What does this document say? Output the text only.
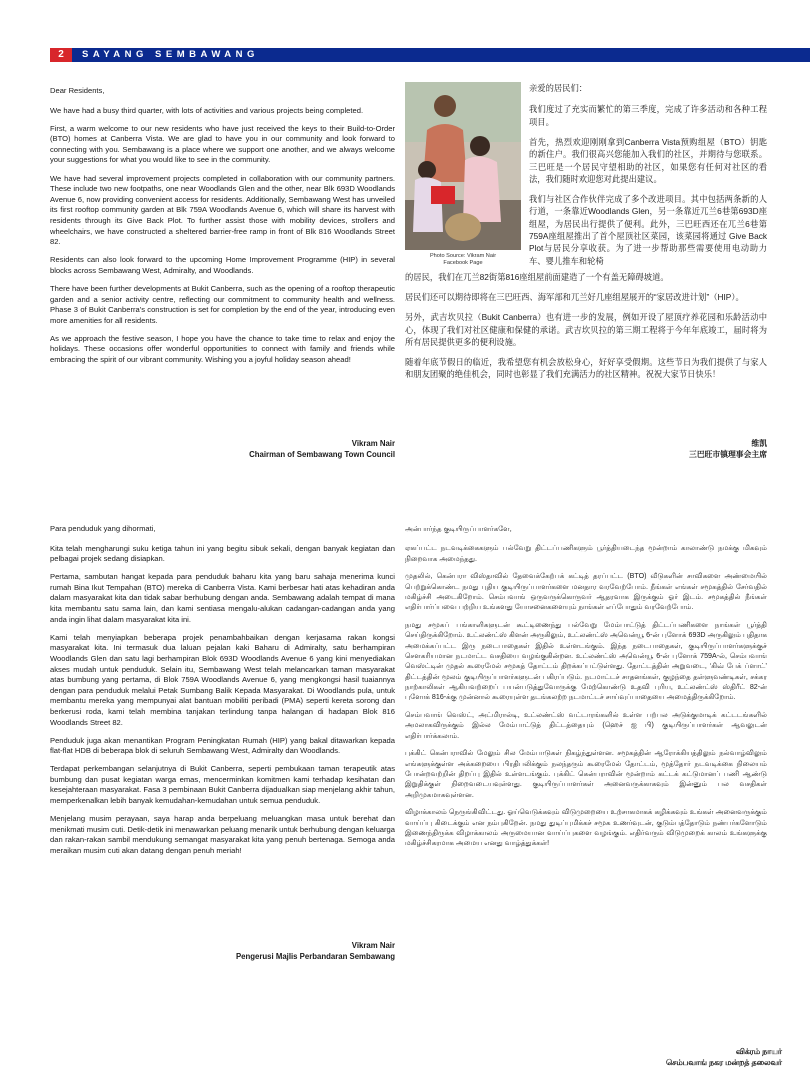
2	SAYANG SEMBAWANG

Dear Residents,

We have had a busy third quarter, with lots of activities and various projects being completed.

First, a warm welcome to our new residents who have just received the keys to their Build-to-Order (BTO) homes at Canberra Vista. We are glad to have you in our community and look forward to connecting with you. Sembawang is a place where we support one another, and we always welcome your suggestions for what you would like to see in the community.

We have had several improvement projects completed in collaboration with our community partners. These include two new footpaths, one near Woodlands Glen and the other, near Blk 693D Woodlands Avenue 6, now providing convenient access for residents. Additionally, Sembawang West has unveiled its first rooftop community garden at Blk 759A Woodlands Avenue 6, which will share its harvest with residents through its Give Back Plot. To further assist those with mobility devices, strollers and wheelchairs, we have constructed a sheltered barrier-free ramp in front of Blk 816 Woodlands Street 82.

Residents can also look forward to the upcoming Home Improvement Programme (HIP) in several blocks across Sembawang West, Admiralty, and Woodlands.

There have been further developments at Bukit Canberra, such as the opening of a rooftop therapeutic garden and a senior activity centre, reflecting our commitment to community health and wellness. Phase 3 of Bukit Canberra's construction is set for completion by the end of the year, introducing even more amenities for all residents.

As we approach the festive season, I hope you have the chance to take time to relax and enjoy the holidays. These occasions offer wonderful opportunities to connect with family and friends while embracing the spirit of our vibrant community. Wishing you a joyful holiday season ahead!

Vikram Nair
Chairman of Sembawang Town Council
Photo Source: Vikram Nair
Facebook Page

亲爱的居民们：

我们度过了充实而繁忙的第三季度，完成了许多活动和各种工程项目。

首先，热烈欢迎刚刚拿到Canberra Vista预购组屋（BTO）钥匙的新住户。我们很高兴您能加入我们的社区，并期待与您联系。三巴旺是一个居民守望相助的社区，如果您有任何对社区的看法，我们随时欢迎您对此提出建议。

我们与社区合作伙伴完成了多个改进项目。其中包括两条新的人行道，一条靠近Woodlands Glen，另一条靠近兀兰6巷第693D座组屋，为居民出行提供了便利。此外，三巴旺西还在兀兰6巷第759A座组屋推出了首个屋顶社区菜园，该菜园将通过 Give Back Plot与居民分享收获。为了进一步帮助那些需要使用电动助力车、婴儿推车和轮椅

的居民，我们在兀兰82街第816座组屋前面建造了一个有盖无障碍坡道。

居民们还可以期待即将在三巴旺西、海军部和兀兰好几座组屋展开的“家居改进计划”（HIP）。

另外，武吉坎贝拉（Bukit Canberra）也有进一步的发展，例如开设了屋顶疗养花园和乐龄活动中心，体现了我们对社区健康和保健的承诺。武吉坎贝拉的第三期工程将于今年年底竣工，届时将为所有居民提供更多的便利设施。

随着年底节假日的临近，我希望您有机会放松身心，好好享受假期。这些节日为我们提供了与家人和朋友团聚的绝佳机会，同时也彰显了我们充满活力的社区精神。祝祝大家节日快乐！

维凯
三巴旺市镇理事会主席

Para penduduk yang dihormati,

Kita telah mengharungi suku ketiga tahun ini yang begitu sibuk sekali, dengan banyak kegiatan dan pelbagai projek sedang disiapkan.

Pertama, sambutan hangat kepada para penduduk baharu kita yang baru sahaja menerima kunci rumah Bina Ikut Tempahan (BTO) mereka di Canberra Vista. Kami berbesar hati atas kehadiran anda dalam masyarakat kita dan tidak sabar berhubung dengan anda. Sembawang adalah tempat di mana kita membantu satu sama lain, dan kami sentiasa mengalu-alukan cadangan-cadangan anda yang anda ingin lihat dalam masyarakat kita ini.

Kami telah menyiapkan beberapa projek penambahbaikan dengan kerjasama rakan kongsi masyarakat kita. Ini termasuk dua laluan pejalan kaki Baharu di Admiralty, satu berhampiran Woodlands Glen dan satu lagi berhampiran Blok 693D Woodlands Avenue 6 yang kini menyediakan akses mudah untuk penduduk. Selain itu, Sembawang West telah melancarkan taman masyarakat atas bumbung yang pertama, di Blok 759A Woodlands Avenue 6, yang mengkongsi hasil tuaiannya dengan para penduduk melalui Petak Sumbang Balik Kepada Masyarakat. Di Woodlands pula, untuk membantu mereka yang mempunyai alat bantuan mobiliti peribadi (PMA) seperti kereta sorong dan berkerusi roda, kami telah membina tanjakan terlindung tanpa halangan di hadapan Blok 816 Woodlands Street 82.

Penduduk juga akan menantikan Program Peningkatan Rumah (HIP) yang bakal ditawarkan kepada flat-flat HDB di beberapa blok di seluruh Sembawang West, Admiralty dan Woodlands.

Terdapat perkembangan selanjutnya di Bukit Canberra, seperti pembukaan taman terapeutik atas bumbung dan pusat kegiatan warga emas, mencerminkan komitmen kami terhadap kesihatan dan kesejahteraan masyarakat. Fasa 3 pembinaan Bukit Canberra dijadualkan siap menjelang akhir tahun, memperkenalkan lebih banyak kemudahan-kemudahan untuk semua penduduk.

Menjelang musim perayaan, saya harap anda berpeluang meluangkan masa untuk berehat dan menikmati musim cuti. Detik-detik ini menawarkan peluang menarik untuk berhubung dengan keluarga dan rakan-rakan sambil mendukung semangat masyarakat kita yang penuh bertenaga. Semoga anda meraikan musim cuti akan datang dengan penuh meriah!

Vikram Nair
Pengerusi Majlis Perbandaran Sembawang

அன்பார்ந்த குடியிருப்பாளர்களே,

ஏகப்பட்ட நடவடிக்கைகளும் பல்வேறு திட்டப்பணிகளும் பூர்த்தியடைந்த மூன்றாம் காலாண்டு நமக்கு மிகவும் நிறைவாக அமைந்தது.

முதலில், கென்பரா விஸ்தாவில் தேவைக்கேற்பக் கட்டித் தரப்பட்ட (BTO) வீடுகளின் சாவிகளை அண்மையில் பெற்றுக்கொண்ட நமது புதிய குடியிருப்பாளர்களை மனதார வரவேற்போம். நீங்கள் எங்கள் சமூகத்தில் சேர்வதில் மகிழ்ச்சி அடைகிறோம். செம்பவாங் ஒருவருக்கொருவர் ஆதரவாக இருக்கும் ஓர் இடம். சமூகத்தில் நீங்கள் எதிர்பார்ப்பவை பற்றிய உங்களது யோசனைகளையும் நாங்கள் எப்போதும் வரவேற்போம்.

நமது சமூகப் பங்காளிகளுடன் கூட்டிணைந்து பல்வேறு மேம்பாட்டுத் திட்டப்பணிகளை நாங்கள் பூர்த்தி செய்திருக்கிறோம். உட்லண்ட்ஸ் கிளன் அருகிலும், உட்லண்ட்ஸ் அவென்யூ 6-ன் புளோக் 693D அருகிலும் புதிதாக அமைக்கப்பட்ட இரு நடைபாதைகள் இதில் உள்ளடங்கும். இந்த நடைபாதைகள், குடியிருப்பாளர்களுக்குச் சௌகரியமான நடமாட்ட வசதியை வழங்குகின்றன. உட்லண்ட்ஸ் அவென்யூ 6-ன் புளோக் 759A-ல், செம்பவாங் வெஸ்ட்டின் முதல் கூரைமேல் சமூகத் தோட்டம் திறக்கப்பட்டுள்ளது. தோட்டத்தின் அறுவடை, ‘கிவ் பேக் ப்ளாட்’ திட்டத்தின் மூலம் குடியிருப்பாளர்களுடன் பகிரப்படும். நடமாட்டச் சாதனங்கள், குழந்தை தள்ளுவண்டிகள், சக்கர நாற்காலிகள் ஆகியவற்றைப் பயன்படுத்துவோருக்கு மேற்கொண்டு உதவி புரிய, உட்லண்ட்ஸ் ஸ்திரீட் 82-ன் புளோக் 816-க்கு முன்னால் கூரையுள்ள தடங்கலற்ற நடமாட்டச் சாய்வுப்பாதையை அமைத்திருக்கிறோம்.

செம்பவாங் வெஸ்ட், அட்மிரால்டி, உட்லண்ட்ஸ் வட்டாரங்களில் உள்ள பற்பல அடுக்குமாடிக் கட்டடங்களில் அமலாகவிருக்கும் இல்ல மேம்பாட்டுத் திட்டத்தையும் (ஹெச் ஐ பி) குடியிருப்பாளர்கள் ஆவலுடன் எதிர்பார்க்கலாம்.

புக்கிட் கென்பராவில் மேலும் சில மேம்பாடுகள் நிகழ்ந்துள்ளன. சமூகத்தின் ஆரோக்கியத்திலும் நல்வாழ்விலும் எங்களுக்குள்ள அக்கறையை பிரதிபலிக்கும் நலந்தரும் கூரைமேல் தோட்டம், மூத்தோர் நடவடிக்கை நிலையம் போன்றவற்றின் திறப்பு இதில் உள்ளடங்கும். புக்கிட் கென்பராவின் மூன்றாம் கட்டக் கட்டுமானப் பணி ஆண்டு இறுதிக்குள் நிறைவடையவுள்ளது. குடியிருப்பாளர்கள் அனைவருக்காகவும் இன்னும் பல வசதிகள் அறிமுகமாகவுள்ளன.

விழாக்காலம் நெருங்கிவிட்டது. ஓய்வெடுக்கவும் விடுமுறையை உற்சாகமாகக் கழிக்கவும் உங்கள் அனைவருக்கும் வாய்ப்பு கிடைக்கும் என நம்புகிறேன். நமது துடிப்புமிக்கச் சமூக உணர்வுடன், குடும்பத்தோடும் நண்பர்களோடும் இணைந்திருக்க விழாக்காலம் அருமையான வாய்ப்புகளை வழங்கும். எதிர்வரும் விடுமுறைக் காலம் உங்களுக்கு மகிழ்ச்சிகரமாக அமைய எனது வாழ்த்துக்கள்!

விக்ரம் நாயர்
செம்பவாங் நகர மன்றத் தலைவர்
